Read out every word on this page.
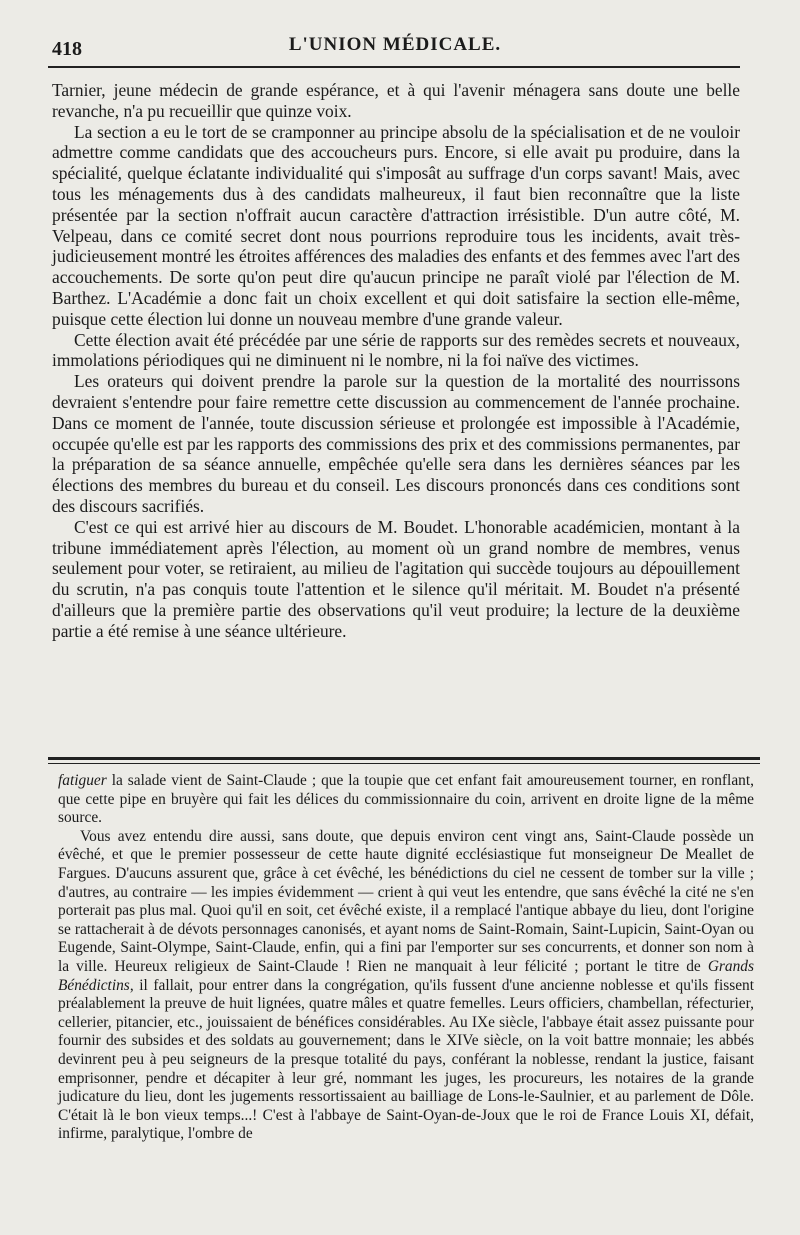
418	L'UNION MÉDICALE.

Tarnier, jeune médecin de grande espérance, et à qui l'avenir ménagera sans doute une belle revanche, n'a pu recueillir que quinze voix.

La section a eu le tort de se cramponner au principe absolu de la spécialisation et de ne vouloir admettre comme candidats que des accoucheurs purs. Encore, si elle avait pu produire, dans la spécialité, quelque éclatante individualité qui s'imposât au suffrage d'un corps savant! Mais, avec tous les ménagements dus à des candidats malheureux, il faut bien reconnaître que la liste présentée par la section n'offrait aucun caractère d'attraction irrésistible. D'un autre côté, M. Velpeau, dans ce comité secret dont nous pourrions reproduire tous les incidents, avait très-judicieusement montré les étroites afférences des maladies des enfants et des femmes avec l'art des accouchements. De sorte qu'on peut dire qu'aucun principe ne paraît violé par l'élection de M. Barthez. L'Académie a donc fait un choix excellent et qui doit satisfaire la section elle-même, puisque cette élection lui donne un nouveau membre d'une grande valeur.

Cette élection avait été précédée par une série de rapports sur des remèdes secrets et nouveaux, immolations périodiques qui ne diminuent ni le nombre, ni la foi naïve des victimes.

Les orateurs qui doivent prendre la parole sur la question de la mortalité des nourrissons devraient s'entendre pour faire remettre cette discussion au commencement de l'année prochaine. Dans ce moment de l'année, toute discussion sérieuse et prolongée est impossible à l'Académie, occupée qu'elle est par les rapports des commissions des prix et des commissions permanentes, par la préparation de sa séance annuelle, empêchée qu'elle sera dans les dernières séances par les élections des membres du bureau et du conseil. Les discours prononcés dans ces conditions sont des discours sacrifiés.

C'est ce qui est arrivé hier au discours de M. Boudet. L'honorable académicien, montant à la tribune immédiatement après l'élection, au moment où un grand nombre de membres, venus seulement pour voter, se retiraient, au milieu de l'agitation qui succède toujours au dépouillement du scrutin, n'a pas conquis toute l'attention et le silence qu'il méritait. M. Boudet n'a présenté d'ailleurs que la première partie des observations qu'il veut produire; la lecture de la deuxième partie a été remise à une séance ultérieure.

fatiguer la salade vient de Saint-Claude ; que la toupie que cet enfant fait amoureusement tourner, en ronflant, que cette pipe en bruyère qui fait les délices du commissionnaire du coin, arrivent en droite ligne de la même source.

Vous avez entendu dire aussi, sans doute, que depuis environ cent vingt ans, Saint-Claude possède un évêché, et que le premier possesseur de cette haute dignité ecclésiastique fut monseigneur De Meallet de Fargues. D'aucuns assurent que, grâce à cet évêché, les bénédictions du ciel ne cessent de tomber sur la ville ; d'autres, au contraire — les impies évidemment — crient à qui veut les entendre, que sans évêché la cité ne s'en porterait pas plus mal. Quoi qu'il en soit, cet évêché existe, il a remplacé l'antique abbaye du lieu, dont l'origine se rattacherait à de dévots personnages canonisés, et ayant noms de Saint-Romain, Saint-Lupicin, Saint-Oyan ou Eugende, Saint-Olympe, Saint-Claude, enfin, qui a fini par l'emporter sur ses concurrents, et donner son nom à la ville. Heureux religieux de Saint-Claude ! Rien ne manquait à leur félicité ; portant le titre de Grands Bénédictins, il fallait, pour entrer dans la congrégation, qu'ils fussent d'une ancienne noblesse et qu'ils fissent préalablement la preuve de huit lignées, quatre mâles et quatre femelles. Leurs officiers, chambellan, réfecturier, cellerier, pitancier, etc., jouissaient de bénéfices considérables. Au IXe siècle, l'abbaye était assez puissante pour fournir des subsides et des soldats au gouvernement; dans le XIVe siècle, on la voit battre monnaie; les abbés devinrent peu à peu seigneurs de la presque totalité du pays, conférant la noblesse, rendant la justice, faisant emprisonner, pendre et décapiter à leur gré, nommant les juges, les procureurs, les notaires de la grande judicature du lieu, dont les jugements ressortissaient au bailliage de Lons-le-Saulnier, et au parlement de Dôle. C'était là le bon vieux temps...! C'est à l'abbaye de Saint-Oyan-de-Joux que le roi de France Louis XI, défait, infirme, paralytique, l'ombre de
